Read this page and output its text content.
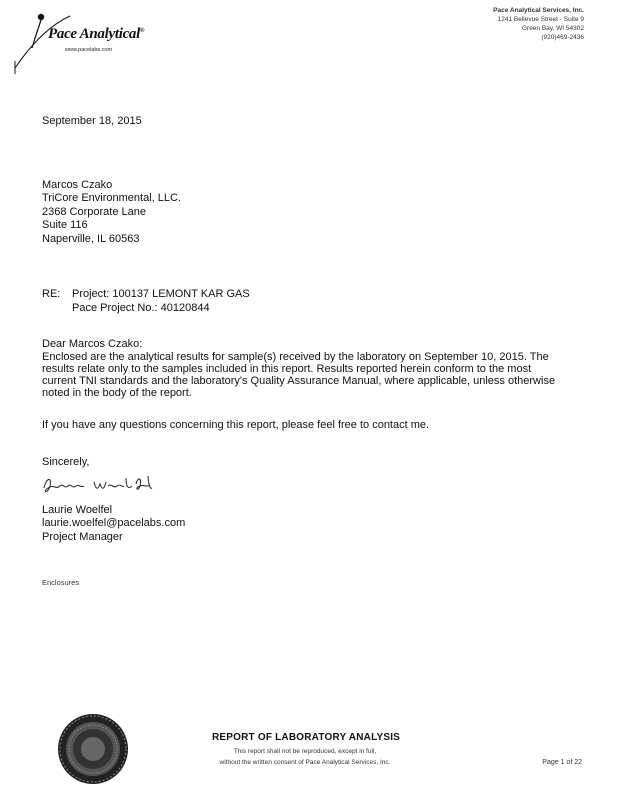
Pace Analytical®
www.pacelabs.com
Pace Analytical Services, Inc.
1241 Bellevue Street - Suite 9
Green Bay, WI 54302
(920)469-2436
September 18, 2015
Marcos Czako
TriCore Environmental, LLC.
2368 Corporate Lane
Suite 116
Naperville, IL 60563
RE: Project: 100137 LEMONT KAR GAS
Pace Project No.: 40120844
Dear Marcos Czako:
Enclosed are the analytical results for sample(s) received by the laboratory on September 10, 2015. The results relate only to the samples included in this report. Results reported herein conform to the most current TNI standards and the laboratory's Quality Assurance Manual, where applicable, unless otherwise noted in the body of the report.
If you have any questions concerning this report, please feel free to contact me.
Sincerely,
Laurie Woelfel
laurie.woelfel@pacelabs.com
Project Manager
Enclosures
REPORT OF LABORATORY ANALYSIS
This report shall not be reproduced, except in full,
without the written consent of Pace Analytical Services, Inc.	Page 1 of 22
